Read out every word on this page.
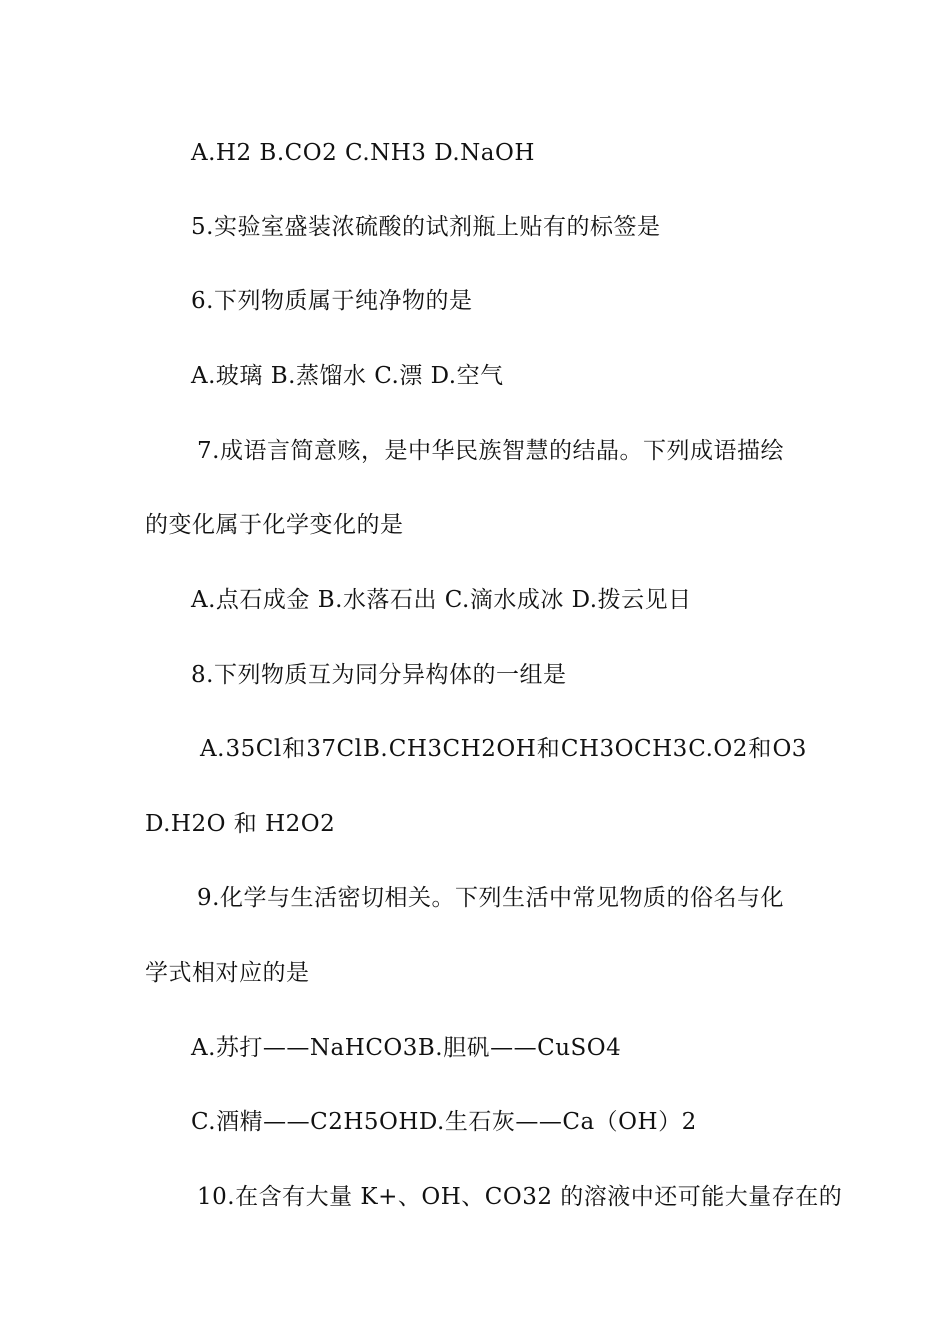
A.H2 B.CO2 C.NH3 D.NaOH
5.实验室盛装浓硫酸的试剂瓶上贴有的标签是
6.下列物质属于纯净物的是
A.玻璃 B.蒸馏水 C.漂 D.空气
7.成语言简意赅，是中华民族智慧的结晶。下列成语描绘
的变化属于化学变化的是
A.点石成金 B.水落石出 C.滴水成冰 D.拨云见日
8.下列物质互为同分异构体的一组是
A. 35Cl 和 37Cl B. CH3CH2OH 和 CH3OCH3 C.O2 和 O3
D.H2O 和 H2O2
9.化学与生活密切相关。下列生活中常见物质的俗名与化
学式相对应的是
A.苏打——NaHCO3B.胆矾——CuSO4
C.酒精——C2H5OHD.生石灰——Ca（OH）2
10.在含有大量 K+、OH、CO32 的溶液中还可能大量存在的
